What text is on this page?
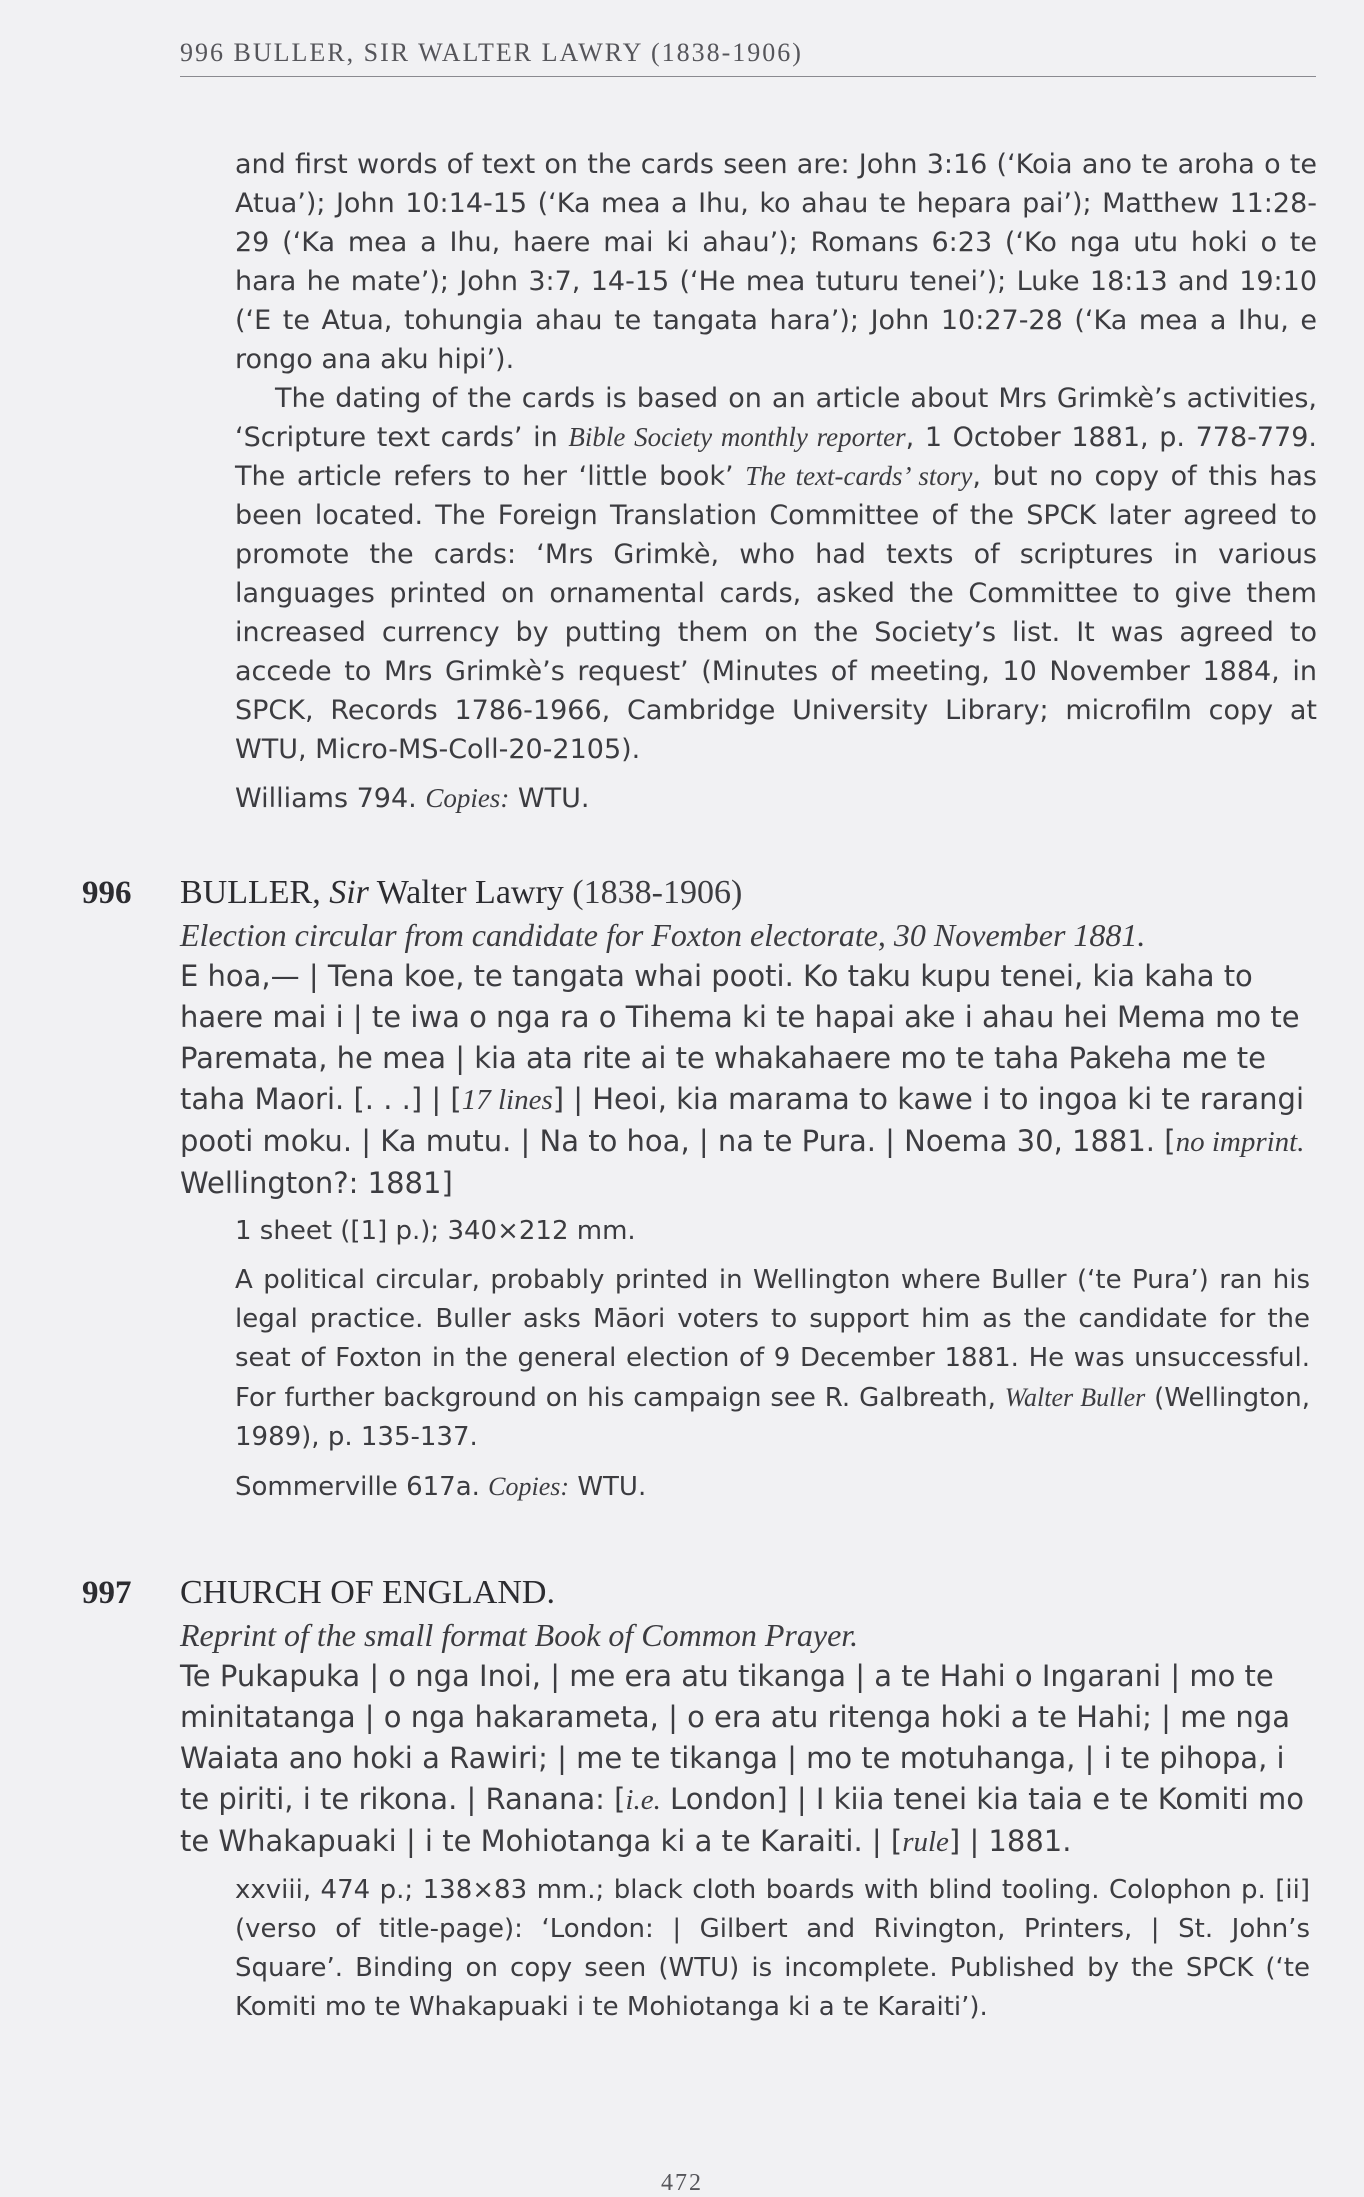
996 BULLER, SIR WALTER LAWRY (1838-1906)

and first words of text on the cards seen are: John 3:16 (‘Koia ano te aroha o te Atua’); John 10:14-15 (‘Ka mea a Ihu, ko ahau te hepara pai’); Matthew 11:28-29 (‘Ka mea a Ihu, haere mai ki ahau’); Romans 6:23 (‘Ko nga utu hoki o te hara he mate’); John 3:7, 14-15 (‘He mea tuturu tenei’); Luke 18:13 and 19:10 (‘E te Atua, tohungia ahau te tangata hara’); John 10:27-28 (‘Ka mea a Ihu, e rongo ana aku hipi’).

The dating of the cards is based on an article about Mrs Grimkè’s activities, ‘Scripture text cards’ in Bible Society monthly reporter, 1 October 1881, p. 778-779. The article refers to her ‘little book’ The text-cards’ story, but no copy of this has been located. The Foreign Translation Committee of the SPCK later agreed to promote the cards: ‘Mrs Grimkè, who had texts of scriptures in various languages printed on ornamental cards, asked the Committee to give them increased currency by putting them on the Society’s list. It was agreed to accede to Mrs Grimkè’s request’ (Minutes of meeting, 10 November 1884, in SPCK, Records 1786-1966, Cambridge University Library; microfilm copy at WTU, Micro-MS-Coll-20-2105).

Williams 794. Copies: WTU.

996 BULLER, Sir Walter Lawry (1838-1906)
Election circular from candidate for Foxton electorate, 30 November 1881.
E hoa,— | Tena koe, te tangata whai pooti. Ko taku kupu tenei, kia kaha to haere mai i | te iwa o nga ra o Tihema ki te hapai ake i ahau hei Mema mo te Paremata, he mea | kia ata rite ai te whakahaere mo te taha Pakeha me te taha Maori. [. . .] | [17 lines] | Heoi, kia marama to kawe i to ingoa ki te rarangi pooti moku. | Ka mutu. | Na to hoa, | na te Pura. | Noema 30, 1881. [no imprint. Wellington?: 1881]
1 sheet ([1] p.); 340×212 mm.
A political circular, probably printed in Wellington where Buller (‘te Pura’) ran his legal practice. Buller asks Māori voters to support him as the candidate for the seat of Foxton in the general election of 9 December 1881. He was unsuccessful. For further background on his campaign see R. Galbreath, Walter Buller (Wellington, 1989), p. 135-137.
Sommerville 617a. Copies: WTU.
997 CHURCH OF ENGLAND.
Reprint of the small format Book of Common Prayer.
Te Pukapuka | o nga Inoi, | me era atu tikanga | a te Hahi o Ingarani | mo te minitatanga | o nga hakarameta, | o era atu ritenga hoki a te Hahi; | me nga Waiata ano hoki a Rawiri; | me te tikanga | mo te motuhanga, | i te pihopa, i te piriti, i te rikona. | Ranana: [i.e. London] | I kiia tenei kia taia e te Komiti mo te Whakapuaki | i te Mohiotanga ki a te Karaiti. | [rule] | 1881.
xxviii, 474 p.; 138×83 mm.; black cloth boards with blind tooling. Colophon p. [ii] (verso of title-page): ‘London: | Gilbert and Rivington, Printers, | St. John’s Square’. Binding on copy seen (WTU) is incomplete. Published by the SPCK (‘te Komiti mo te Whakapuaki i te Mohiotanga ki a te Karaiti’).
472
